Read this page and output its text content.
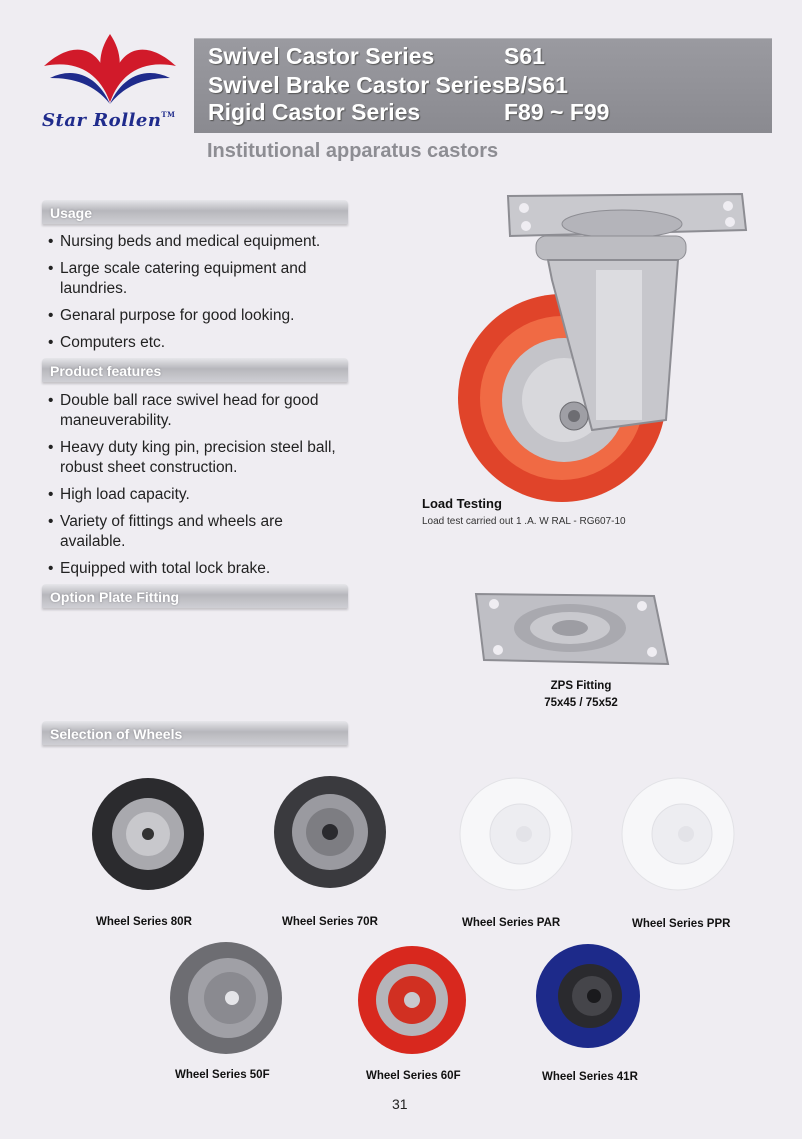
Star Rollen™
Swivel Castor Series	S61
Swivel Brake Castor Series B/S61
Rigid Castor Series	F89 ~ F99
Institutional apparatus castors
Usage
• Nursing beds and medical equipment.
• Large scale catering equipment and laundries.
• Genaral purpose for good looking.
• Computers etc.
Product features
• Double ball race swivel head for good maneuverability.
• Heavy duty king pin, precision steel ball, robust sheet construction.
• High load capacity.
• Variety of fittings and wheels are available.
• Equipped with total lock brake.
Option Plate Fitting
Selection of Wheels
Load Testing
Load test carried out 1 .A. W RAL - RG607-10
ZPS Fitting
75x45 / 75x52
Wheel Series 80R	Wheel Series 70R	Wheel Series PAR	Wheel Series PPR
Wheel Series 50F	Wheel Series 60F	Wheel Series 41R
31
